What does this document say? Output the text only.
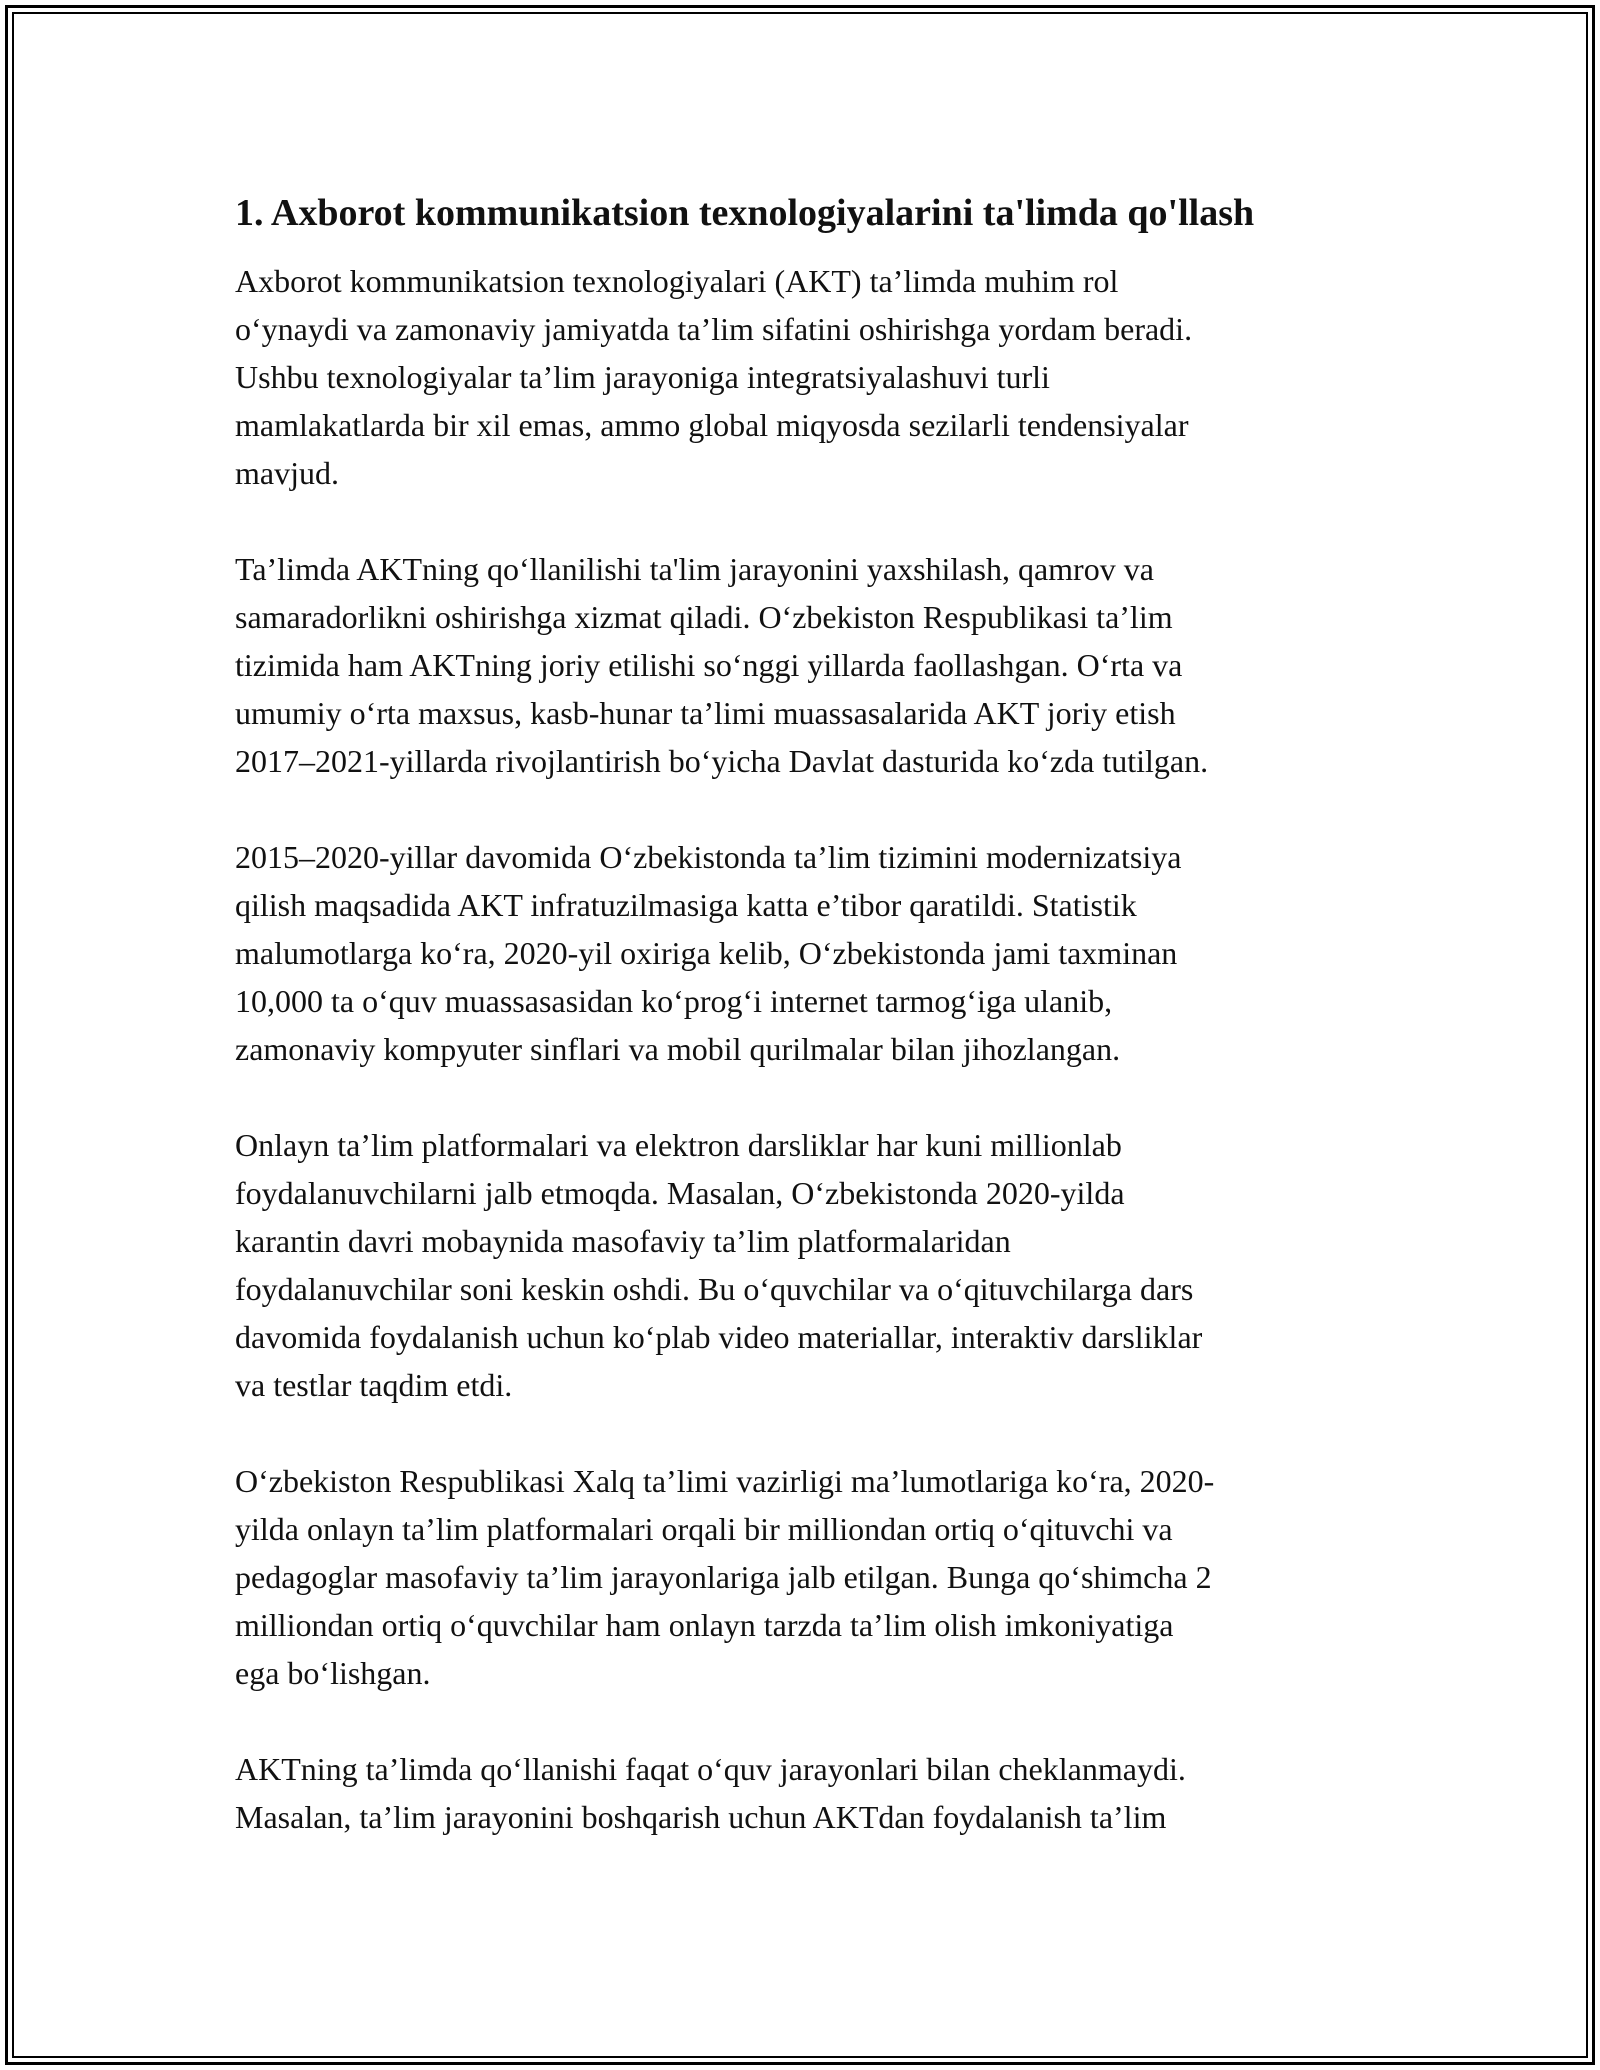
1. Axborot kommunikatsion texnologiyalarini ta'limda qo'llash

Axborot kommunikatsion texnologiyalari (AKT) ta’limda muhim rol
o‘ynaydi va zamonaviy jamiyatda ta’lim sifatini oshirishga yordam beradi.
Ushbu texnologiyalar ta’lim jarayoniga integratsiyalashuvi turli
mamlakatlarda bir xil emas, ammo global miqyosda sezilarli tendensiyalar
mavjud.

Ta’limda AKTning qo‘llanilishi ta'lim jarayonini yaxshilash, qamrov va
samaradorlikni oshirishga xizmat qiladi. O‘zbekiston Respublikasi ta’lim
tizimida ham AKTning joriy etilishi so‘nggi yillarda faollashgan. O‘rta va
umumiy o‘rta maxsus, kasb-hunar ta’limi muassasalarida AKT joriy etish
2017–2021-yillarda rivojlantirish bo‘yicha Davlat dasturida ko‘zda tutilgan.

2015–2020-yillar davomida O‘zbekistonda ta’lim tizimini modernizatsiya
qilish maqsadida AKT infratuzilmasiga katta e’tibor qaratildi. Statistik
malumotlarga ko‘ra, 2020-yil oxiriga kelib, O‘zbekistonda jami taxminan
10,000 ta o‘quv muassasasidan ko‘prog‘i internet tarmog‘iga ulanib,
zamonaviy kompyuter sinflari va mobil qurilmalar bilan jihozlangan.

Onlayn ta’lim platformalari va elektron darsliklar har kuni millionlab
foydalanuvchilarni jalb etmoqda. Masalan, O‘zbekistonda 2020-yilda
karantin davri mobaynida masofaviy ta’lim platformalaridan
foydalanuvchilar soni keskin oshdi. Bu o‘quvchilar va o‘qituvchilarga dars
davomida foydalanish uchun ko‘plab video materiallar, interaktiv darsliklar
va testlar taqdim etdi.

O‘zbekiston Respublikasi Xalq ta’limi vazirligi ma’lumotlariga ko‘ra, 2020-
yilda onlayn ta’lim platformalari orqali bir milliondan ortiq o‘qituvchi va
pedagoglar masofaviy ta’lim jarayonlariga jalb etilgan. Bunga qo‘shimcha 2
milliondan ortiq o‘quvchilar ham onlayn tarzda ta’lim olish imkoniyatiga
ega bo‘lishgan.

AKTning ta’limda qo‘llanishi faqat o‘quv jarayonlari bilan cheklanmaydi.
Masalan, ta’lim jarayonini boshqarish uchun AKTdan foydalanish ta’lim
